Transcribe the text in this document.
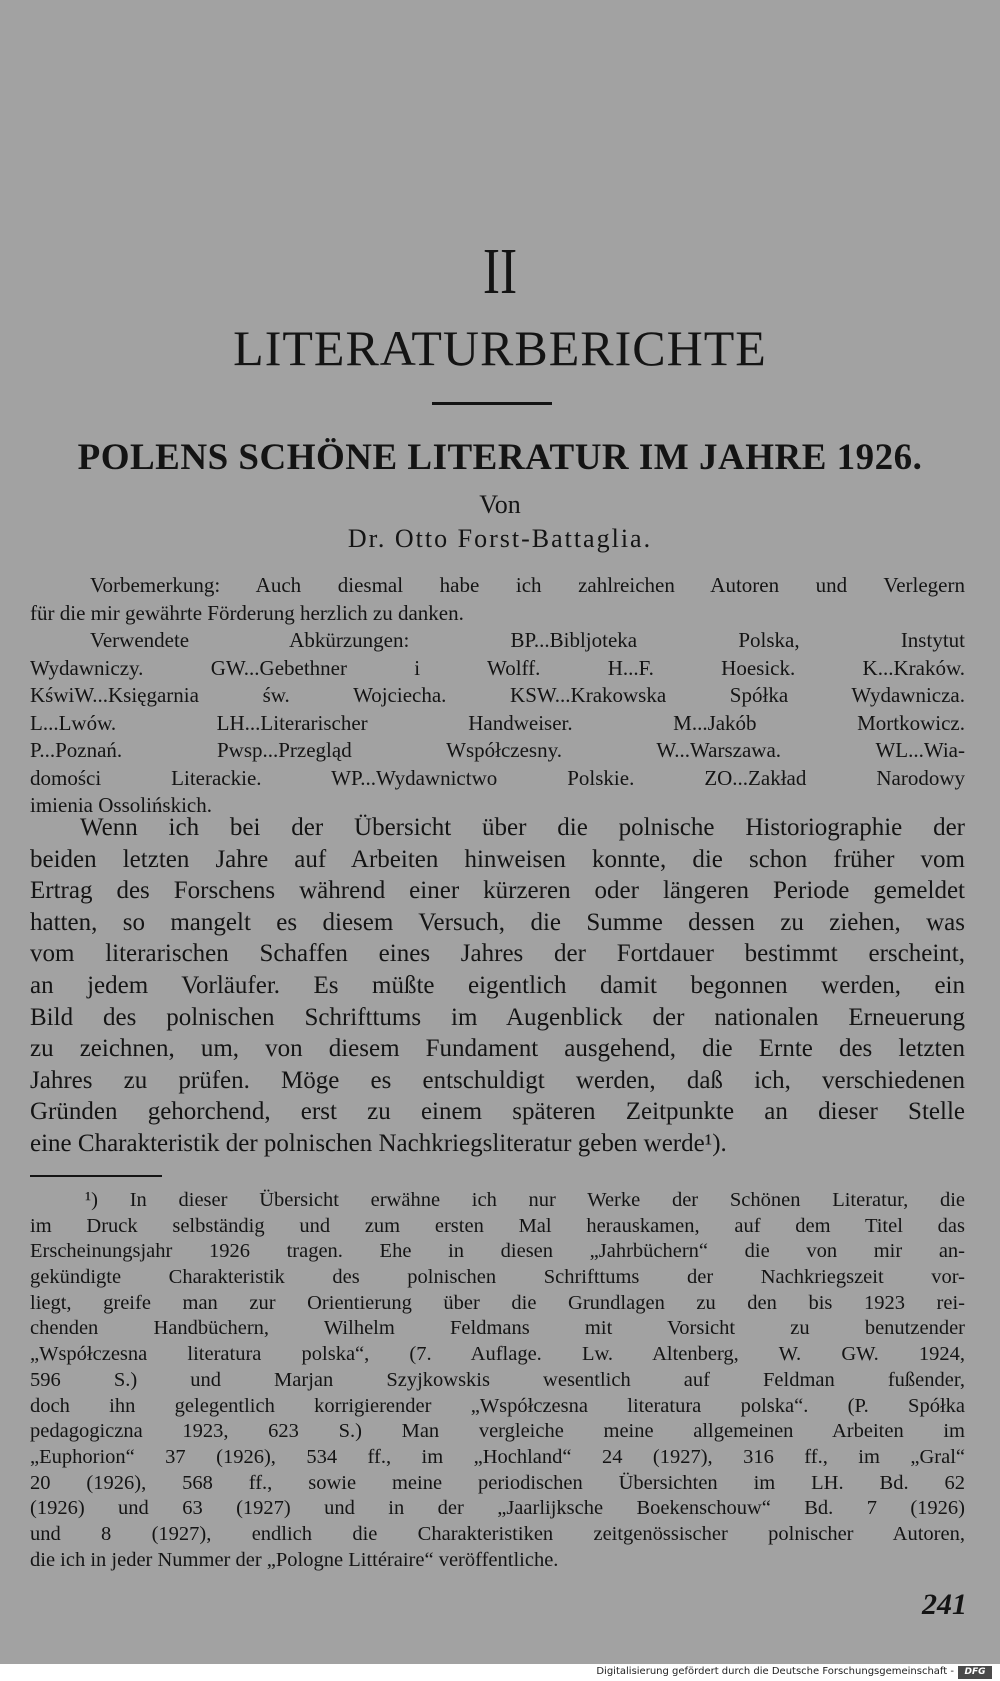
II
LITERATURBERICHTE
POLENS SCHÖNE LITERATUR IM JAHRE 1926.
Von
Dr. Otto Forst-Battaglia.
Vorbemerkung: Auch diesmal habe ich zahlreichen Autoren und Verlegern
für die mir gewährte Förderung herzlich zu danken.
Verwendete Abkürzungen: BP...Bibljoteka Polska, Instytut
Wydawniczy. GW...Gebethner i Wolff. H...F. Hoesick. K...Kraków.
KświW...Księgarnia św. Wojciecha. KSW...Krakowska Spółka Wydawnicza.
L...Lwów. LH...Literarischer Handweiser. M...Jakób Mortkowicz.
P...Poznań. Pwsp...Przegląd Współczesny. W...Warszawa. WL...Wia-
domości Literackie. WP...Wydawnictwo Polskie. ZO...Zakład Narodowy
imienia Ossolińskich.
Wenn ich bei der Übersicht über die polnische Historiographie der
beiden letzten Jahre auf Arbeiten hinweisen konnte, die schon früher vom
Ertrag des Forschens während einer kürzeren oder längeren Periode gemeldet
hatten, so mangelt es diesem Versuch, die Summe dessen zu ziehen, was
vom literarischen Schaffen eines Jahres der Fortdauer bestimmt erscheint,
an jedem Vorläufer. Es müßte eigentlich damit begonnen werden, ein
Bild des polnischen Schrifttums im Augenblick der nationalen Erneuerung
zu zeichnen, um, von diesem Fundament ausgehend, die Ernte des letzten
Jahres zu prüfen. Möge es entschuldigt werden, daß ich, verschiedenen
Gründen gehorchend, erst zu einem späteren Zeitpunkte an dieser Stelle
eine Charakteristik der polnischen Nachkriegsliteratur geben werde¹).
¹) In dieser Übersicht erwähne ich nur Werke der Schönen Literatur, die
im Druck selbständig und zum ersten Mal herauskamen, auf dem Titel das
Erscheinungsjahr 1926 tragen. Ehe in diesen „Jahrbüchern“ die von mir an-
gekündigte Charakteristik des polnischen Schrifttums der Nachkriegszeit vor-
liegt, greife man zur Orientierung über die Grundlagen zu den bis 1923 rei-
chenden Handbüchern, Wilhelm Feldmans mit Vorsicht zu benutzender
„Współczesna literatura polska“, (7. Auflage. Lw. Altenberg, W. GW. 1924,
596 S.) und Marjan Szyjkowskis wesentlich auf Feldman fußender,
doch ihn gelegentlich korrigierender „Współczesna literatura polska“. (P. Spółka
pedagogiczna 1923, 623 S.) Man vergleiche meine allgemeinen Arbeiten im
„Euphorion“ 37 (1926), 534 ff., im „Hochland“ 24 (1927), 316 ff., im „Gral“
20 (1926), 568 ff., sowie meine periodischen Übersichten im LH. Bd. 62
(1926) und 63 (1927) und in der „Jaarlijksche Boekenschouw“ Bd. 7 (1926)
und 8 (1927), endlich die Charakteristiken zeitgenössischer polnischer Autoren,
die ich in jeder Nummer der „Pologne Littéraire“ veröffentliche.
241
Digitalisierung gefördert durch die Deutsche Forschungsgemeinschaft -	DFG
